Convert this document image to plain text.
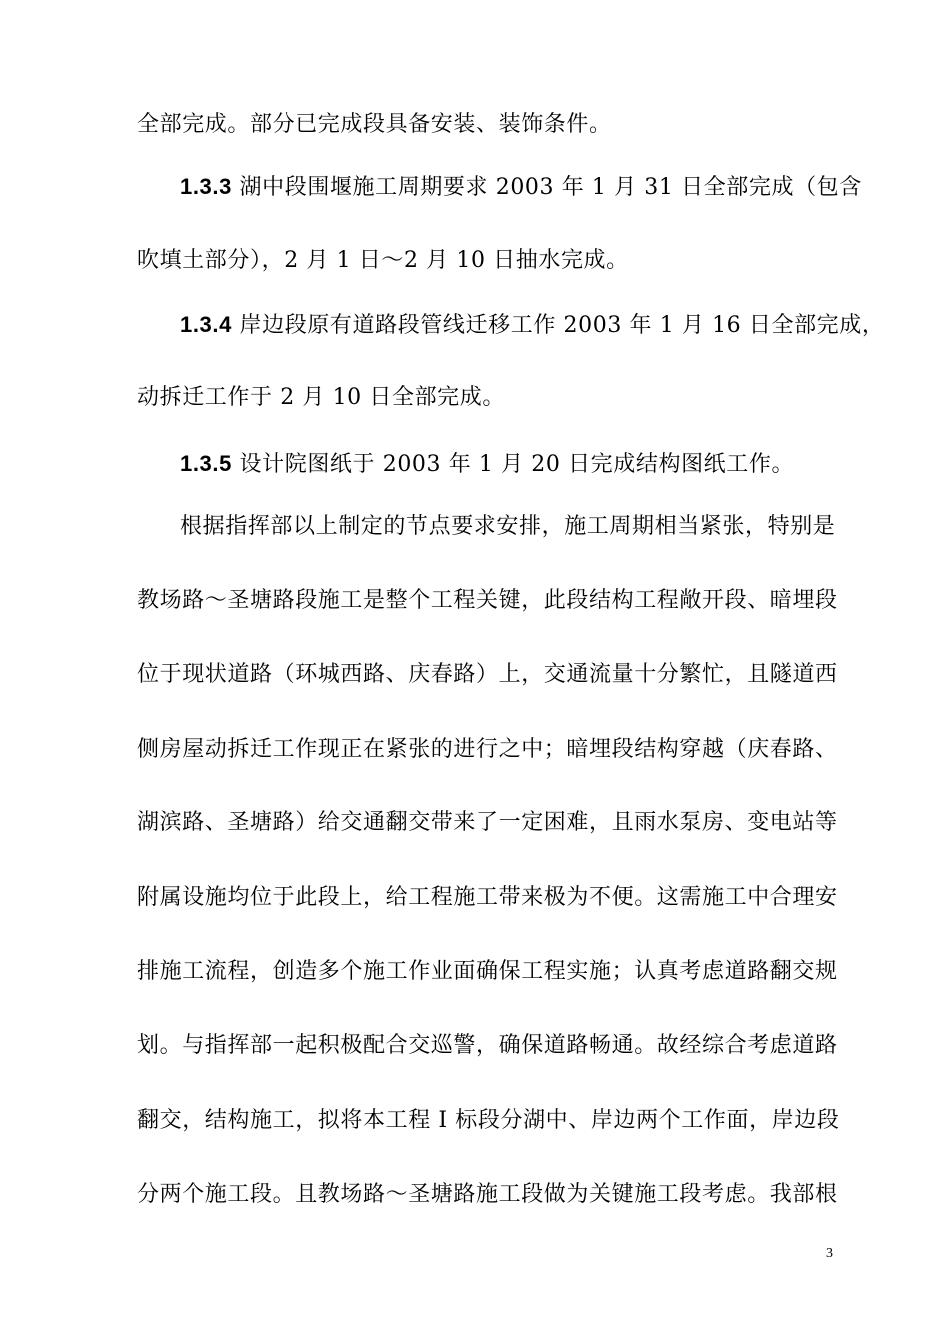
全部完成。部分已完成段具备安装、装饰条件。
1.3.3 湖中段围堰施工周期要求 2003 年 1 月 31 日全部完成（包含
吹填土部分），2 月 1 日～2 月 10 日抽水完成。
1.3.4 岸边段原有道路段管线迁移工作 2003 年 1 月 16 日全部完成，
动拆迁工作于 2 月 10 日全部完成。
1.3.5 设计院图纸于 2003 年 1 月 20 日完成结构图纸工作。
根据指挥部以上制定的节点要求安排，施工周期相当紧张，特别是
教场路～圣塘路段施工是整个工程关键，此段结构工程敞开段、暗埋段
位于现状道路（环城西路、庆春路）上，交通流量十分繁忙，且隧道西
侧房屋动拆迁工作现正在紧张的进行之中；暗埋段结构穿越（庆春路、
湖滨路、圣塘路）给交通翻交带来了一定困难，且雨水泵房、变电站等
附属设施均位于此段上，给工程施工带来极为不便。这需施工中合理安
排施工流程，创造多个施工作业面确保工程实施；认真考虑道路翻交规
划。与指挥部一起积极配合交巡警，确保道路畅通。故经综合考虑道路
翻交，结构施工，拟将本工程 I 标段分湖中、岸边两个工作面，岸边段
分两个施工段。且教场路～圣塘路施工段做为关键施工段考虑。我部根
3
